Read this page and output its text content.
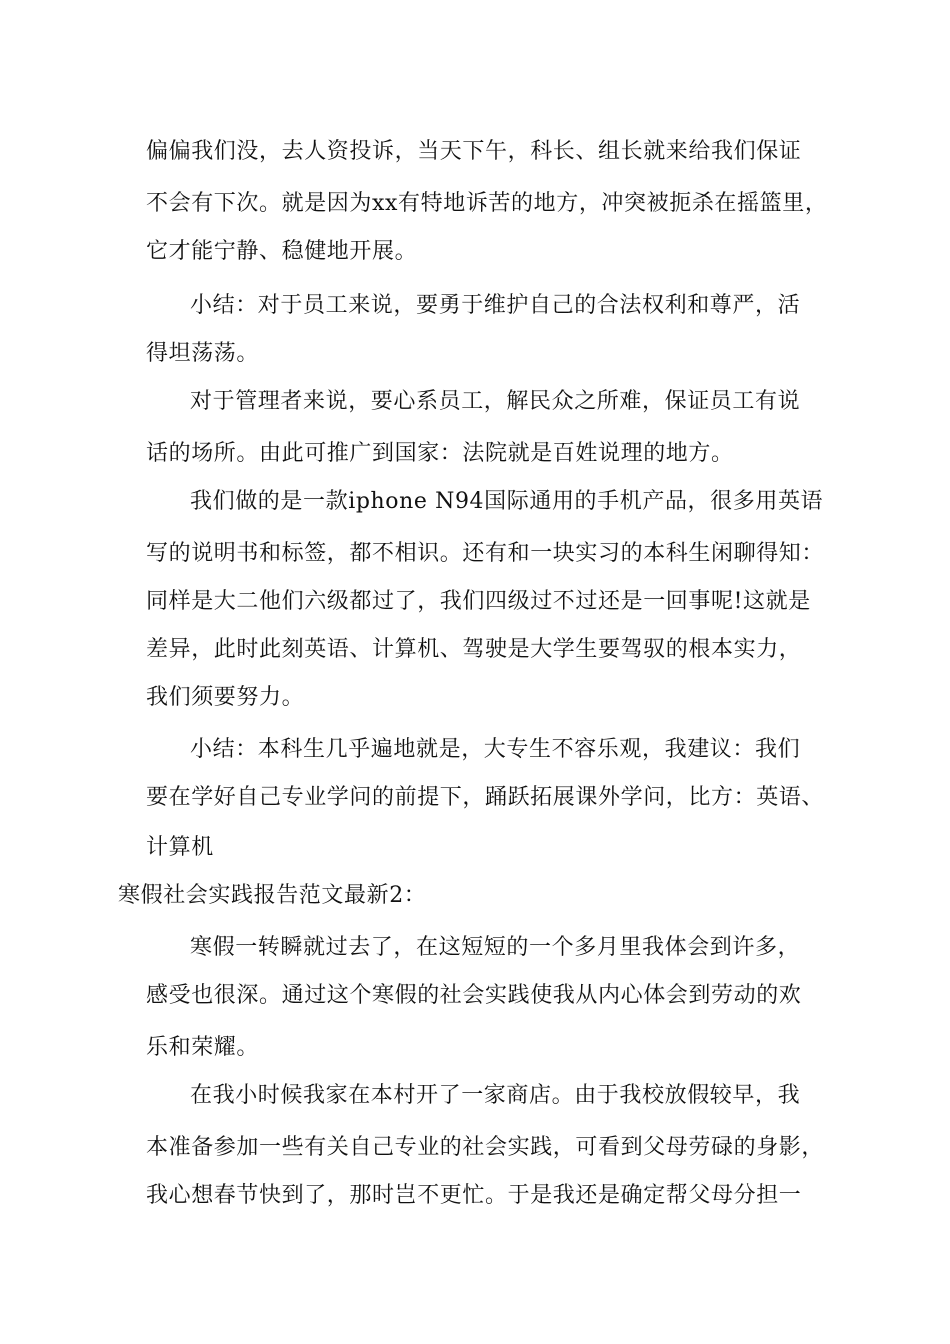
偏偏我们没，去人资投诉，当天下午，科长、组长就来给我们保证
不会有下次。就是因为xx有特地诉苦的地方，冲突被扼杀在摇篮里，
它才能宁静、稳健地开展。
小结：对于员工来说，要勇于维护自己的合法权利和尊严，活
得坦荡荡。
对于管理者来说，要心系员工，解民众之所难，保证员工有说
话的场所。由此可推广到国家：法院就是百姓说理的地方。
我们做的是一款iphone N94国际通用的手机产品，很多用英语
写的说明书和标签，都不相识。还有和一块实习的本科生闲聊得知：
同样是大二他们六级都过了，我们四级过不过还是一回事呢!这就是
差异，此时此刻英语、计算机、驾驶是大学生要驾驭的根本实力，
我们须要努力。
小结：本科生几乎遍地就是，大专生不容乐观，我建议：我们
要在学好自己专业学问的前提下，踊跃拓展课外学问，比方：英语、
计算机
寒假社会实践报告范文最新2：
寒假一转瞬就过去了，在这短短的一个多月里我体会到许多，
感受也很深。通过这个寒假的社会实践使我从内心体会到劳动的欢
乐和荣耀。
在我小时候我家在本村开了一家商店。由于我校放假较早，我
本准备参加一些有关自己专业的社会实践，可看到父母劳碌的身影，
我心想春节快到了，那时岂不更忙。于是我还是确定帮父母分担一
